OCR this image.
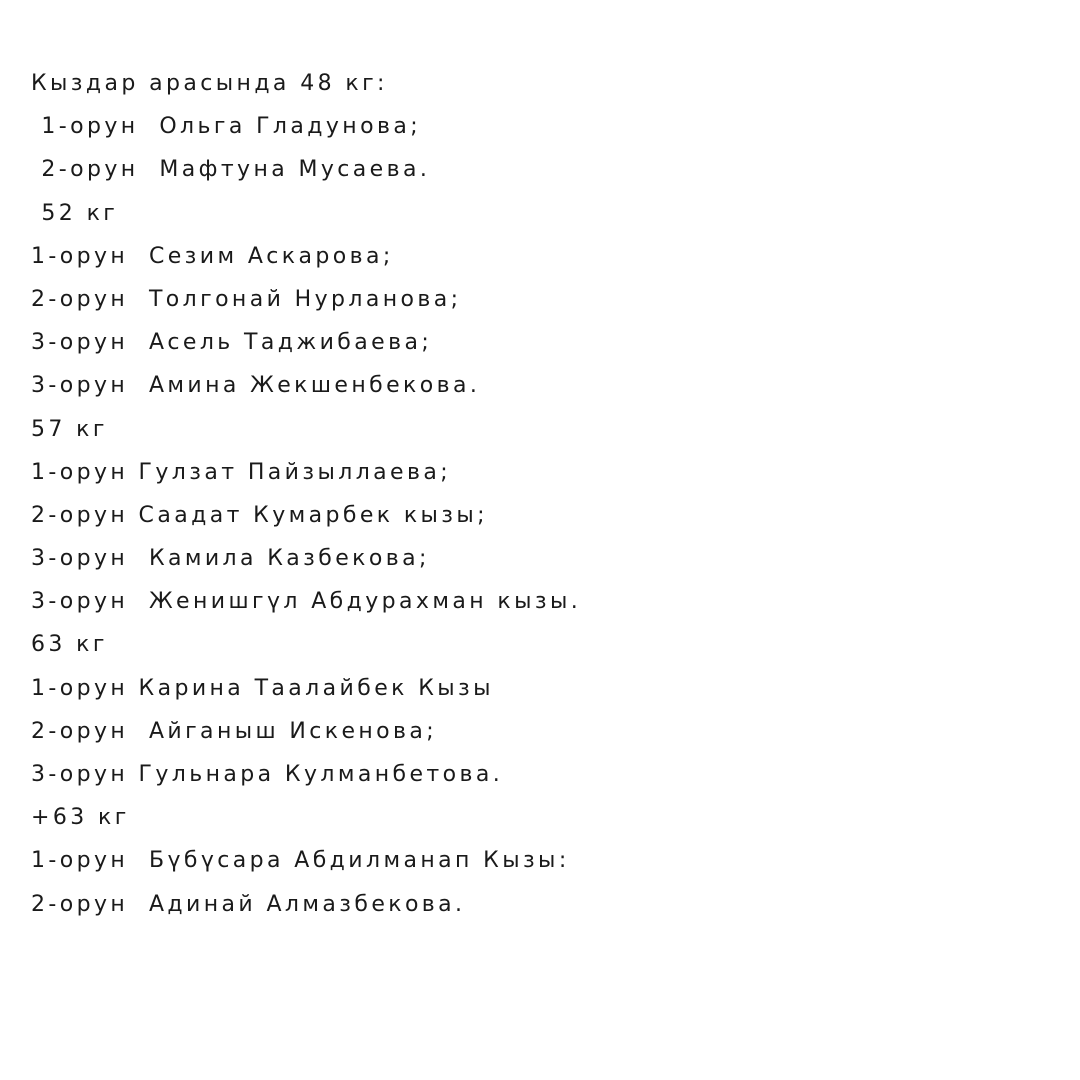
Кыздар арасында 48 кг:
1-орун  Ольга Гладунова;
2-орун  Мафтуна Мусаева.
52 кг
1-орун  Сезим Аскарова;
2-орун  Толгонай Нурланова;
3-орун  Асель Таджибаева;
3-орун  Амина Жекшенбекова.
57 кг
1-орун Гулзат Пайзыллаева;
2-орун Саадат Кумарбек кызы;
3-орун  Камила Казбекова;
3-орун  Женишгүл Абдурахман кызы.
63 кг
1-орун Карина Таалайбек Кызы
2-орун  Айганыш Искенова;
3-орун Гульнара Кулманбетова.
+63 кг
1-орун  Бүбүсара Абдилманап Кызы:
2-орун  Адинай Алмазбекова.
